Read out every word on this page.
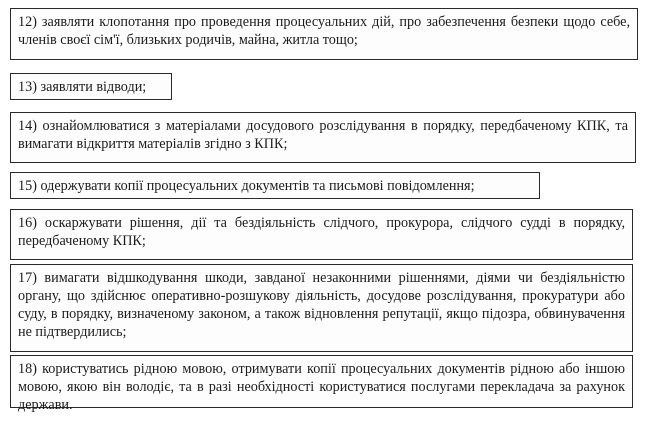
12) заявляти клопотання про проведення процесуальних дій, про забезпечення безпеки щодо себе, членів своєї сім'ї, близьких родичів, майна, житла тощо;
13) заявляти відводи;
14) ознайомлюватися з матеріалами досудового розслідування в порядку, передбаченому КПК, та вимагати відкриття матеріалів згідно з КПК;
15) одержувати копії процесуальних документів та письмові повідомлення;
16) оскаржувати рішення, дії та бездіяльність слідчого, прокурора, слідчого судді в порядку, передбаченому КПК;
17) вимагати відшкодування шкоди, завданої незаконними рішеннями, діями чи бездіяльністю органу, що здійснює оперативно-розшукову діяльність, досудове розслідування, прокуратури або суду, в порядку, визначеному законом, а також відновлення репутації, якщо підозра, обвинувачення не підтвердились;
18) користуватись рідною мовою, отримувати копії процесуальних документів рідною або іншою мовою, якою він володіє, та в разі необхідності користуватися послугами перекладача за рахунок держави.
